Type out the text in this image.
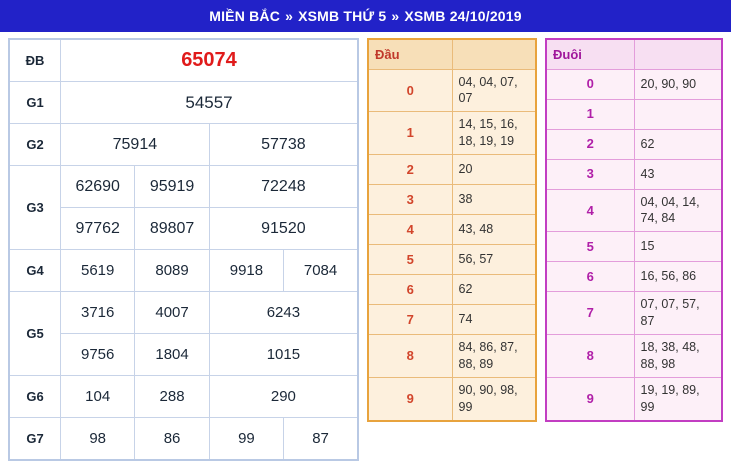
MIỀN BẮC » XSMB THỨ 5 » XSMB 24/10/2019
ĐB	65074			
G1	54557			
G2	75914		57738	
G3	62690	95919	72248	
	97762	89807	91520	
G4	5619	8089	9918	7084
G5	3716	4007	6243	
	9756	1804	1015	
G6	104	288	290	
G7	98	86	99	87
Đầu	
0	04, 04, 07, 07
1	14, 15, 16, 18, 19, 19
2	20
3	38
4	43, 48
5	56, 57
6	62
7	74
8	84, 86, 87, 88, 89
9	90, 90, 98, 99
Đuôi	
0	20, 90, 90
1	
2	62
3	43
4	04, 04, 14, 74, 84
5	15
6	16, 56, 86
7	07, 07, 57, 87
8	18, 38, 48, 88, 98
9	19, 19, 89, 99
